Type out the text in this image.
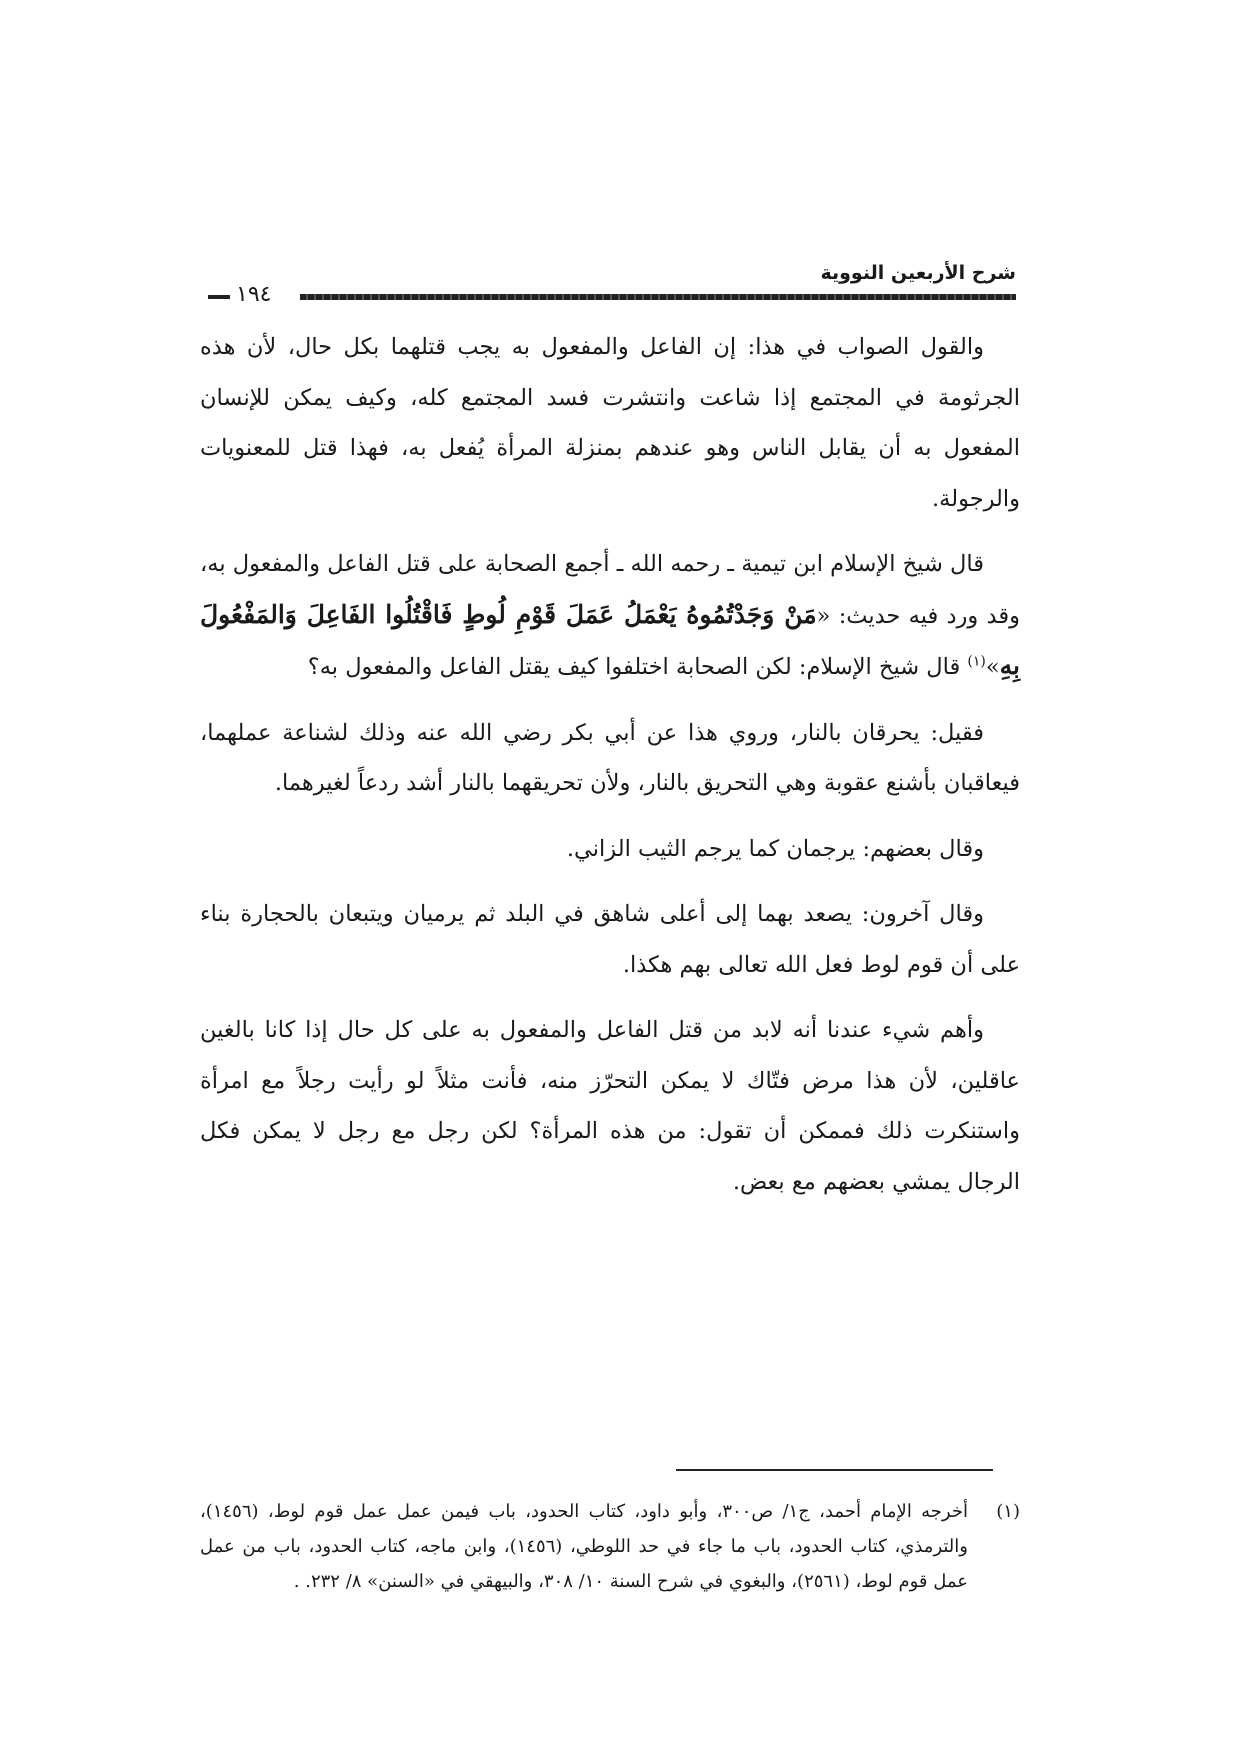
شرح الأربعين النووية
١٩٤

والقول الصواب في هذا: إن الفاعل والمفعول به يجب قتلهما بكل حال، لأن هذه الجرثومة في المجتمع إذا شاعت وانتشرت فسد المجتمع كله، وكيف يمكن للإنسان المفعول به أن يقابل الناس وهو عندهم بمنزلة المرأة يُفعل به، فهذا قتل للمعنويات والرجولة.

قال شيخ الإسلام ابن تيمية ـ رحمه الله ـ أجمع الصحابة على قتل الفاعل والمفعول به، وقد ورد فيه حديث: «مَنْ وَجَدْتُمُوهُ يَعْمَلُ عَمَلَ قَوْمِ لُوطٍ فَاقْتُلُوا الفَاعِلَ وَالمَفْعُولَ بِهِ»$^{(١)}$ قال شيخ الإسلام: لكن الصحابة اختلفوا كيف يقتل الفاعل والمفعول به؟

فقيل: يحرقان بالنار، وروي هذا عن أبي بكر رضي الله عنه وذلك لشناعة عملهما، فيعاقبان بأشنع عقوبة وهي التحريق بالنار، ولأن تحريقهما بالنار أشد ردعاً لغيرهما.

وقال بعضهم: يرجمان كما يرجم الثيب الزاني.

وقال آخرون: يصعد بهما إلى أعلى شاهق في البلد ثم يرميان ويتبعان بالحجارة بناء على أن قوم لوط فعل الله تعالى بهم هكذا.

وأهم شيء عندنا أنه لابد من قتل الفاعل والمفعول به على كل حال إذا كانا بالغين عاقلين، لأن هذا مرض فتّاك لا يمكن التحرّز منه، فأنت مثلاً لو رأيت رجلاً مع امرأة واستنكرت ذلك فممكن أن تقول: من هذه المرأة؟ لكن رجل مع رجل لا يمكن فكل الرجال يمشي بعضهم مع بعض.

(١)
أخرجه الإمام أحمد، ج١/ ص٣٠٠، وأبو داود، كتاب الحدود، باب فيمن عمل عمل قوم لوط، (١٤٥٦)، والترمذي، كتاب الحدود، باب ما جاء في حد اللوطي، (١٤٥٦)، وابن ماجه، كتاب الحدود، باب من عمل عمل قوم لوط، (٢٥٦١)، والبغوي في شرح السنة ١٠/ ٣٠٨، والبيهقي في «السنن» ٨/ ٢٣٢. .
